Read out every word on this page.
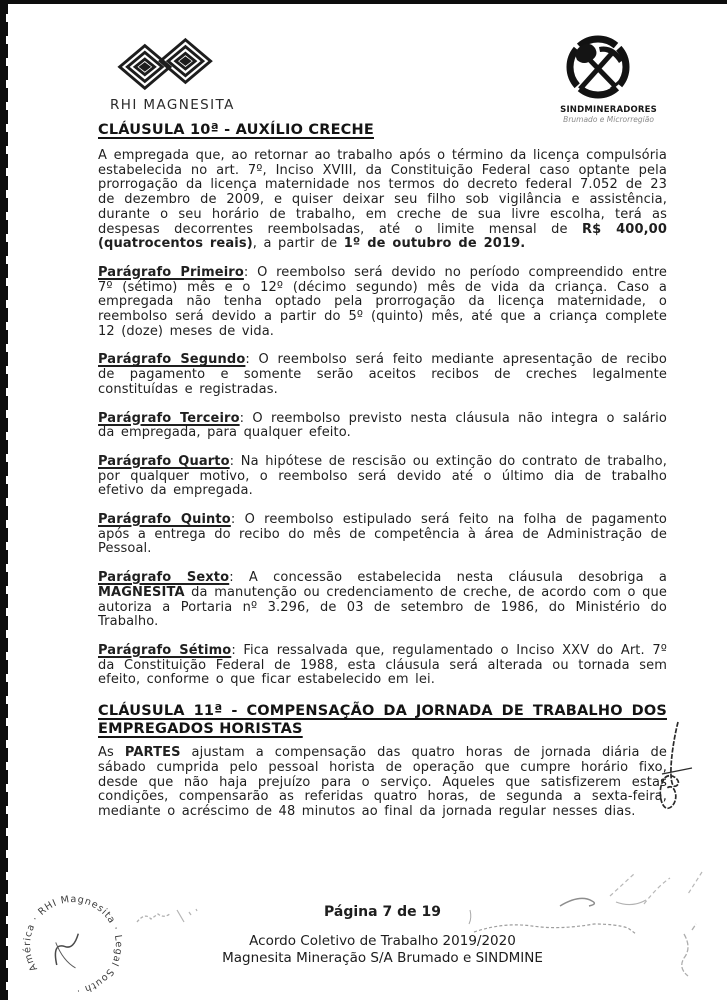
RHI MAGNESITA	SINDMINERADORES
Brumado e Microrregião
CLÁUSULA 10ª - AUXÍLIO CRECHE

A empregada que, ao retornar ao trabalho após o término da licença compulsória estabelecida no art. 7º, Inciso XVIII, da Constituição Federal caso optante pela prorrogação da licença maternidade nos termos do decreto federal 7.052 de 23 de dezembro de 2009, e quiser deixar seu filho sob vigilância e assistência, durante o seu horário de trabalho, em creche de sua livre escolha, terá as despesas decorrentes reembolsadas, até o limite mensal de R$ 400,00 (quatrocentos reais), a partir de 1º de outubro de 2019.

Parágrafo Primeiro: O reembolso será devido no período compreendido entre 7º (sétimo) mês e o 12º (décimo segundo) mês de vida da criança. Caso a empregada não tenha optado pela prorrogação da licença maternidade, o reembolso será devido a partir do 5º (quinto) mês, até que a criança complete 12 (doze) meses de vida.

Parágrafo Segundo: O reembolso será feito mediante apresentação de recibo de pagamento e somente serão aceitos recibos de creches legalmente constituídas e registradas.

Parágrafo Terceiro: O reembolso previsto nesta cláusula não integra o salário da empregada, para qualquer efeito.

Parágrafo Quarto: Na hipótese de rescisão ou extinção do contrato de trabalho, por qualquer motivo, o reembolso será devido até o último dia de trabalho efetivo da empregada.

Parágrafo Quinto: O reembolso estipulado será feito na folha de pagamento após a entrega do recibo do mês de competência à área de Administração de Pessoal.

Parágrafo Sexto: A concessão estabelecida nesta cláusula desobriga a MAGNESITA da manutenção ou credenciamento de creche, de acordo com o que autoriza a Portaria nº 3.296, de 03 de setembro de 1986, do Ministério do Trabalho.

Parágrafo Sétimo: Fica ressalvada que, regulamentado o Inciso XXV do Art. 7º da Constituição Federal de 1988, esta cláusula será alterada ou tornada sem efeito, conforme o que ficar estabelecido em lei.

CLÁUSULA 11ª - COMPENSAÇÃO DA JORNADA DE TRABALHO DOS EMPREGADOS HORISTAS

As PARTES ajustam a compensação das quatro horas de jornada diária de sábado cumprida pelo pessoal horista de operação que cumpre horário fixo, desde que não haja prejuízo para o serviço. Aqueles que satisfizerem estas condições, compensarão as referidas quatro horas, de segunda a sexta-feira, mediante o acréscimo de 48 minutos ao final da jornada regular nesses dias.

Página 7 de 19
Acordo Coletivo de Trabalho 2019/2020
Magnesita Mineração S/A Brumado e SINDMINE
América · RHI Magnesita · Legal South ·
